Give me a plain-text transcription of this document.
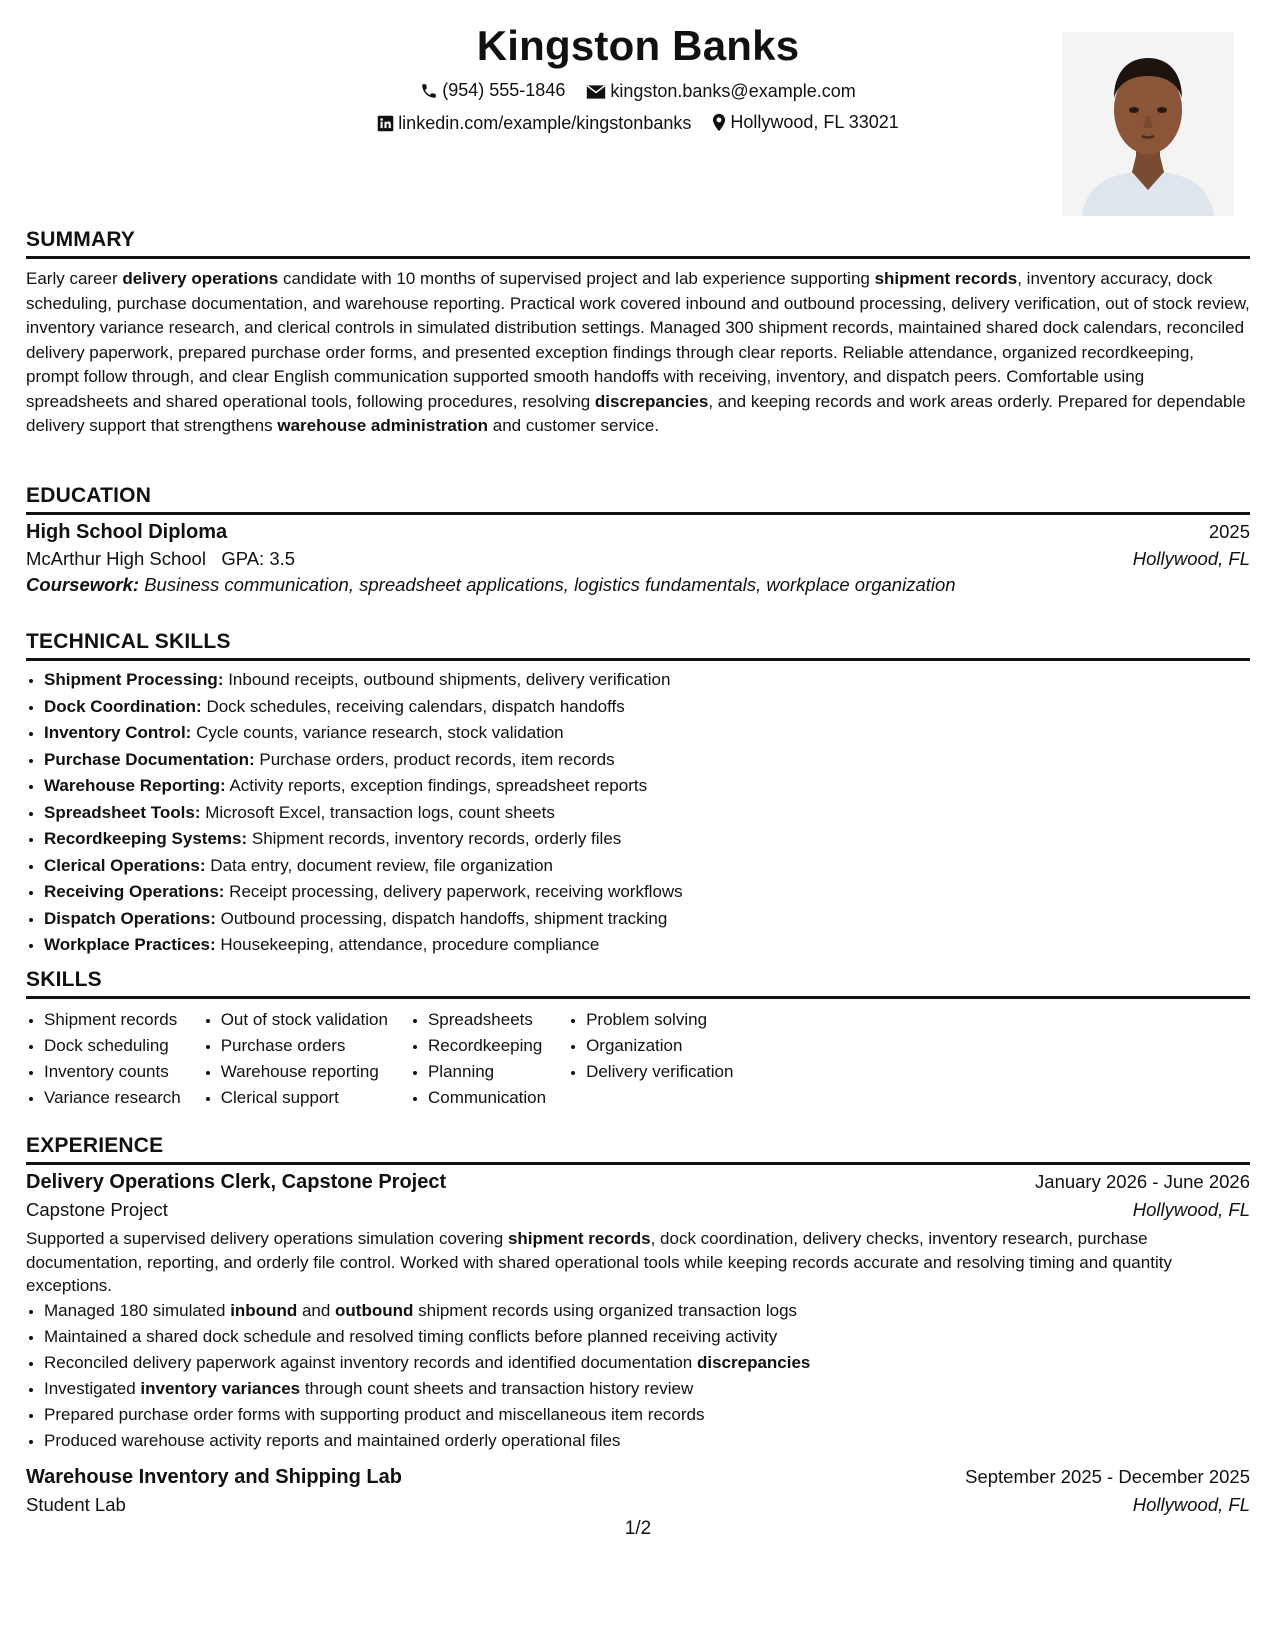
Kingston Banks
(954) 555-1846
	kingston.banks@example.com
linkedin.com/example/kingstonbanks
Hollywood, FL 33021
SUMMARY
Early career delivery operations candidate with 10 months of supervised project and lab experience supporting shipment records, inventory accuracy, dock scheduling, purchase documentation, and warehouse reporting. Practical work covered inbound and outbound processing, delivery verification, out of stock review, inventory variance research, and clerical controls in simulated distribution settings. Managed 300 shipment records, maintained shared dock calendars, reconciled delivery paperwork, prepared purchase order forms, and presented exception findings through clear reports. Reliable attendance, organized recordkeeping, prompt follow through, and clear English communication supported smooth handoffs with receiving, inventory, and dispatch peers. Comfortable using spreadsheets and shared operational tools, following procedures, resolving discrepancies, and keeping records and work areas orderly. Prepared for dependable delivery support that strengthens warehouse administration and customer service.
EDUCATION
High School Diploma	2025
McArthur High School GPA: 3.5	Hollywood, FL
Coursework: Business communication, spreadsheet applications, logistics fundamentals, workplace organization
TECHNICAL SKILLS
• Shipment Processing: Inbound receipts, outbound shipments, delivery verification
• Dock Coordination: Dock schedules, receiving calendars, dispatch handoffs
• Inventory Control: Cycle counts, variance research, stock validation
• Purchase Documentation: Purchase orders, product records, item records
• Warehouse Reporting: Activity reports, exception findings, spreadsheet reports
• Spreadsheet Tools: Microsoft Excel, transaction logs, count sheets
• Recordkeeping Systems: Shipment records, inventory records, orderly files
• Clerical Operations: Data entry, document review, file organization
• Receiving Operations: Receipt processing, delivery paperwork, receiving workflows
• Dispatch Operations: Outbound processing, dispatch handoffs, shipment tracking
• Workplace Practices: Housekeeping, attendance, procedure compliance
SKILLS
• Shipment records
• Dock scheduling
• Inventory counts
• Variance research
• Out of stock validation
• Purchase orders
• Warehouse reporting
• Clerical support
• Spreadsheets
• Recordkeeping
• Planning
• Communication
• Problem solving
• Organization
• Delivery verification
EXPERIENCE
Delivery Operations Clerk, Capstone Project	January 2026 - June 2026
Capstone Project	Hollywood, FL
Supported a supervised delivery operations simulation covering shipment records, dock coordination, delivery checks, inventory research, purchase documentation, reporting, and orderly file control. Worked with shared operational tools while keeping records accurate and resolving timing and quantity exceptions.
• Managed 180 simulated inbound and outbound shipment records using organized transaction logs
• Maintained a shared dock schedule and resolved timing conflicts before planned receiving activity
• Reconciled delivery paperwork against inventory records and identified documentation discrepancies
• Investigated inventory variances through count sheets and transaction history review
• Prepared purchase order forms with supporting product and miscellaneous item records
• Produced warehouse activity reports and maintained orderly operational files
Warehouse Inventory and Shipping Lab	September 2025 - December 2025
Student Lab	Hollywood, FL
1/2
